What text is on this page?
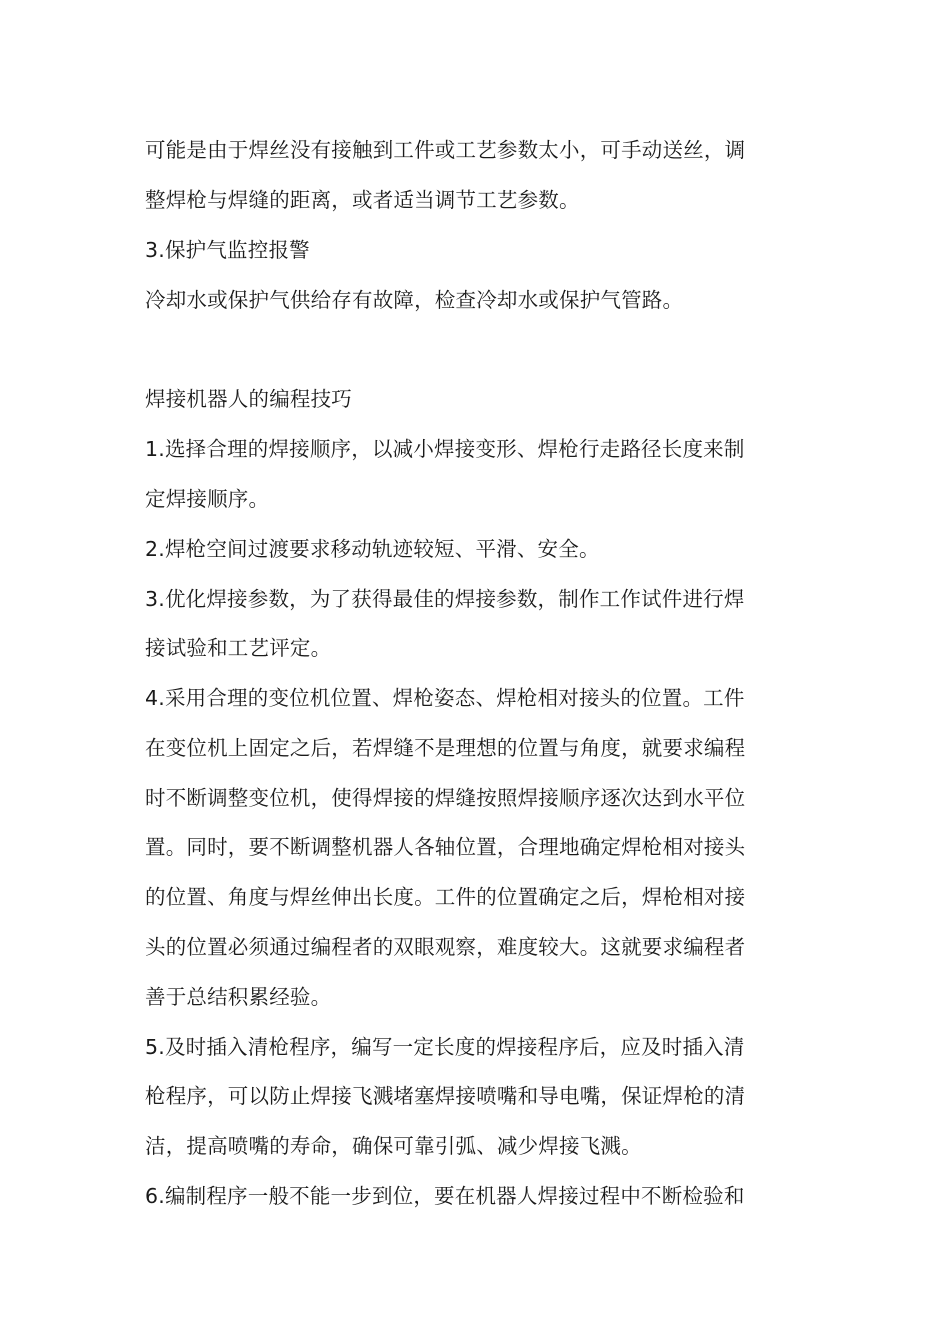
可能是由于焊丝没有接触到工件或工艺参数太小，可手动送丝，调
整焊枪与焊缝的距离，或者适当调节工艺参数。
3.保护气监控报警
冷却水或保护气供给存有故障，检查冷却水或保护气管路。
焊接机器人的编程技巧
1.选择合理的焊接顺序，以减小焊接变形、焊枪行走路径长度来制
定焊接顺序。
2.焊枪空间过渡要求移动轨迹较短、平滑、安全。
3.优化焊接参数，为了获得最佳的焊接参数，制作工作试件进行焊
接试验和工艺评定。
4.采用合理的变位机位置、焊枪姿态、焊枪相对接头的位置。工件
在变位机上固定之后，若焊缝不是理想的位置与角度，就要求编程
时不断调整变位机，使得焊接的焊缝按照焊接顺序逐次达到水平位
置。同时，要不断调整机器人各轴位置，合理地确定焊枪相对接头
的位置、角度与焊丝伸出长度。工件的位置确定之后，焊枪相对接
头的位置必须通过编程者的双眼观察，难度较大。这就要求编程者
善于总结积累经验。
5.及时插入清枪程序，编写一定长度的焊接程序后，应及时插入清
枪程序，可以防止焊接飞溅堵塞焊接喷嘴和导电嘴，保证焊枪的清
洁，提高喷嘴的寿命，确保可靠引弧、减少焊接飞溅。
6.编制程序一般不能一步到位，要在机器人焊接过程中不断检验和
